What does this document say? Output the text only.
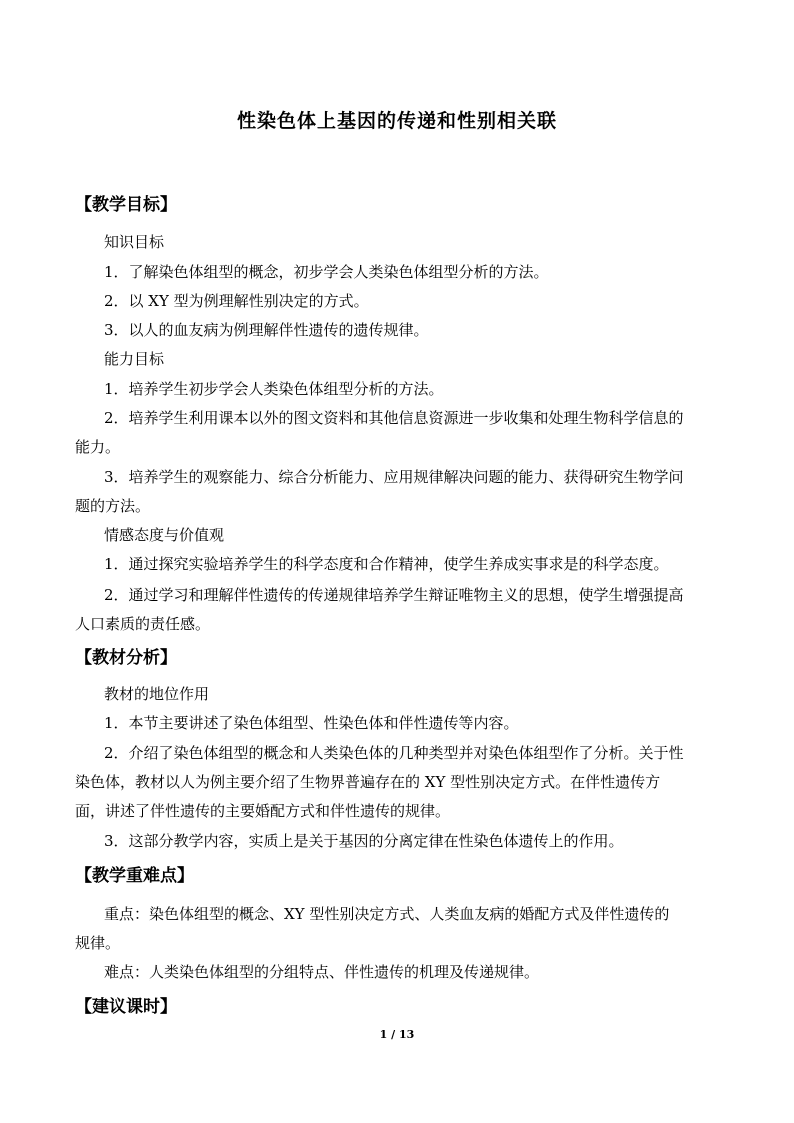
性染色体上基因的传递和性别相关联
【教学目标】
知识目标
1．了解染色体组型的概念，初步学会人类染色体组型分析的方法。
2．以 XY 型为例理解性别决定的方式。
3．以人的血友病为例理解伴性遗传的遗传规律。
能力目标
1．培养学生初步学会人类染色体组型分析的方法。
2．培养学生利用课本以外的图文资料和其他信息资源进一步收集和处理生物科学信息的
能力。
3．培养学生的观察能力、综合分析能力、应用规律解决问题的能力、获得研究生物学问
题的方法。
情感态度与价值观
1．通过探究实验培养学生的科学态度和合作精神，使学生养成实事求是的科学态度。
2．通过学习和理解伴性遗传的传递规律培养学生辩证唯物主义的思想，使学生增强提高
人口素质的责任感。
【教材分析】
教材的地位作用
1．本节主要讲述了染色体组型、性染色体和伴性遗传等内容。
2．介绍了染色体组型的概念和人类染色体的几种类型并对染色体组型作了分析。关于性
染色体，教材以人为例主要介绍了生物界普遍存在的 XY 型性别决定方式。在伴性遗传方
面，讲述了伴性遗传的主要婚配方式和伴性遗传的规律。
3．这部分教学内容，实质上是关于基因的分离定律在性染色体遗传上的作用。
【教学重难点】
重点：染色体组型的概念、XY 型性别决定方式、人类血友病的婚配方式及伴性遗传的
规律。
难点：人类染色体组型的分组特点、伴性遗传的机理及传递规律。
【建议课时】
1 / 13
